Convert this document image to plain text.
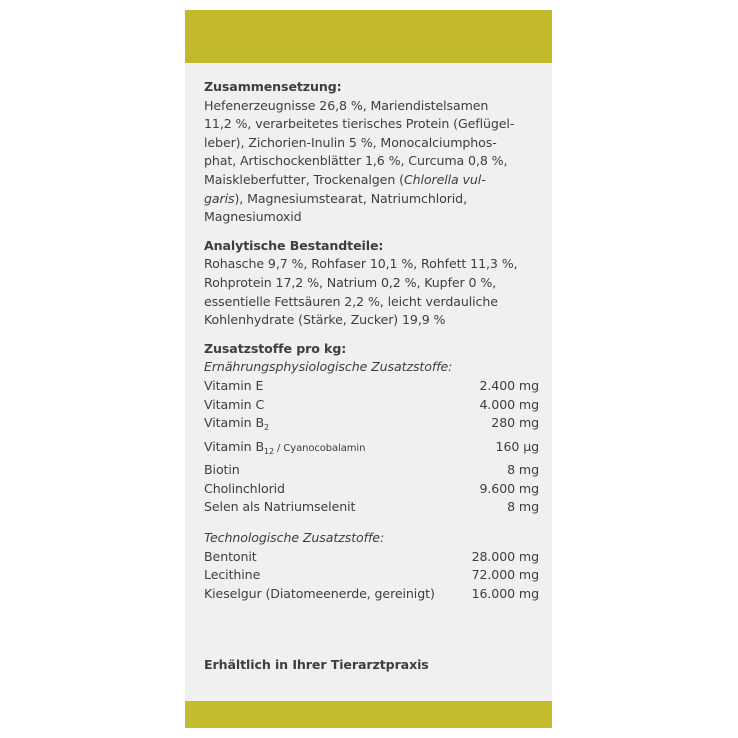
Zusammensetzung:

Hefenerzeugnisse 26,8 %, Mariendistelsamen
11,2 %, verarbeitetes tierisches Protein (Geflügel-
leber), Zichorien-Inulin 5 %, Monocalciumphos-
phat, Artischockenblätter 1,6 %, Curcuma 0,8 %,
Maiskleberfutter, Trockenalgen (Chlorella vul-
garis), Magnesiumstearat, Natriumchlorid,
Magnesiumoxid

Analytische Bestandteile:

Rohasche 9,7 %, Rohfaser 10,1 %, Rohfett 11,3 %,
Rohprotein 17,2 %, Natrium 0,2 %, Kupfer 0 %,
essentielle Fettsäuren 2,2 %, leicht verdauliche
Kohlenhydrate (Stärke, Zucker) 19,9 %

Zusatzstoffe pro kg:

Ernährungsphysiologische Zusatzstoffe:

Vitamin E	2.400 mg
Vitamin C	4.000 mg
Vitamin $B_2$	280 mg
Vitamin $B_{12}$ / Cyanocobalamin	160 µg
Biotin	8 mg
Cholinchlorid	9.600 mg
Selen als Natriumselenit	8 mg

Technologische Zusatzstoffe:

Bentonit	28.000 mg
Lecithine	72.000 mg
Kieselgur (Diatomeenerde, gereinigt)	16.000 mg
Erhältlich in Ihrer Tierarztpraxis
